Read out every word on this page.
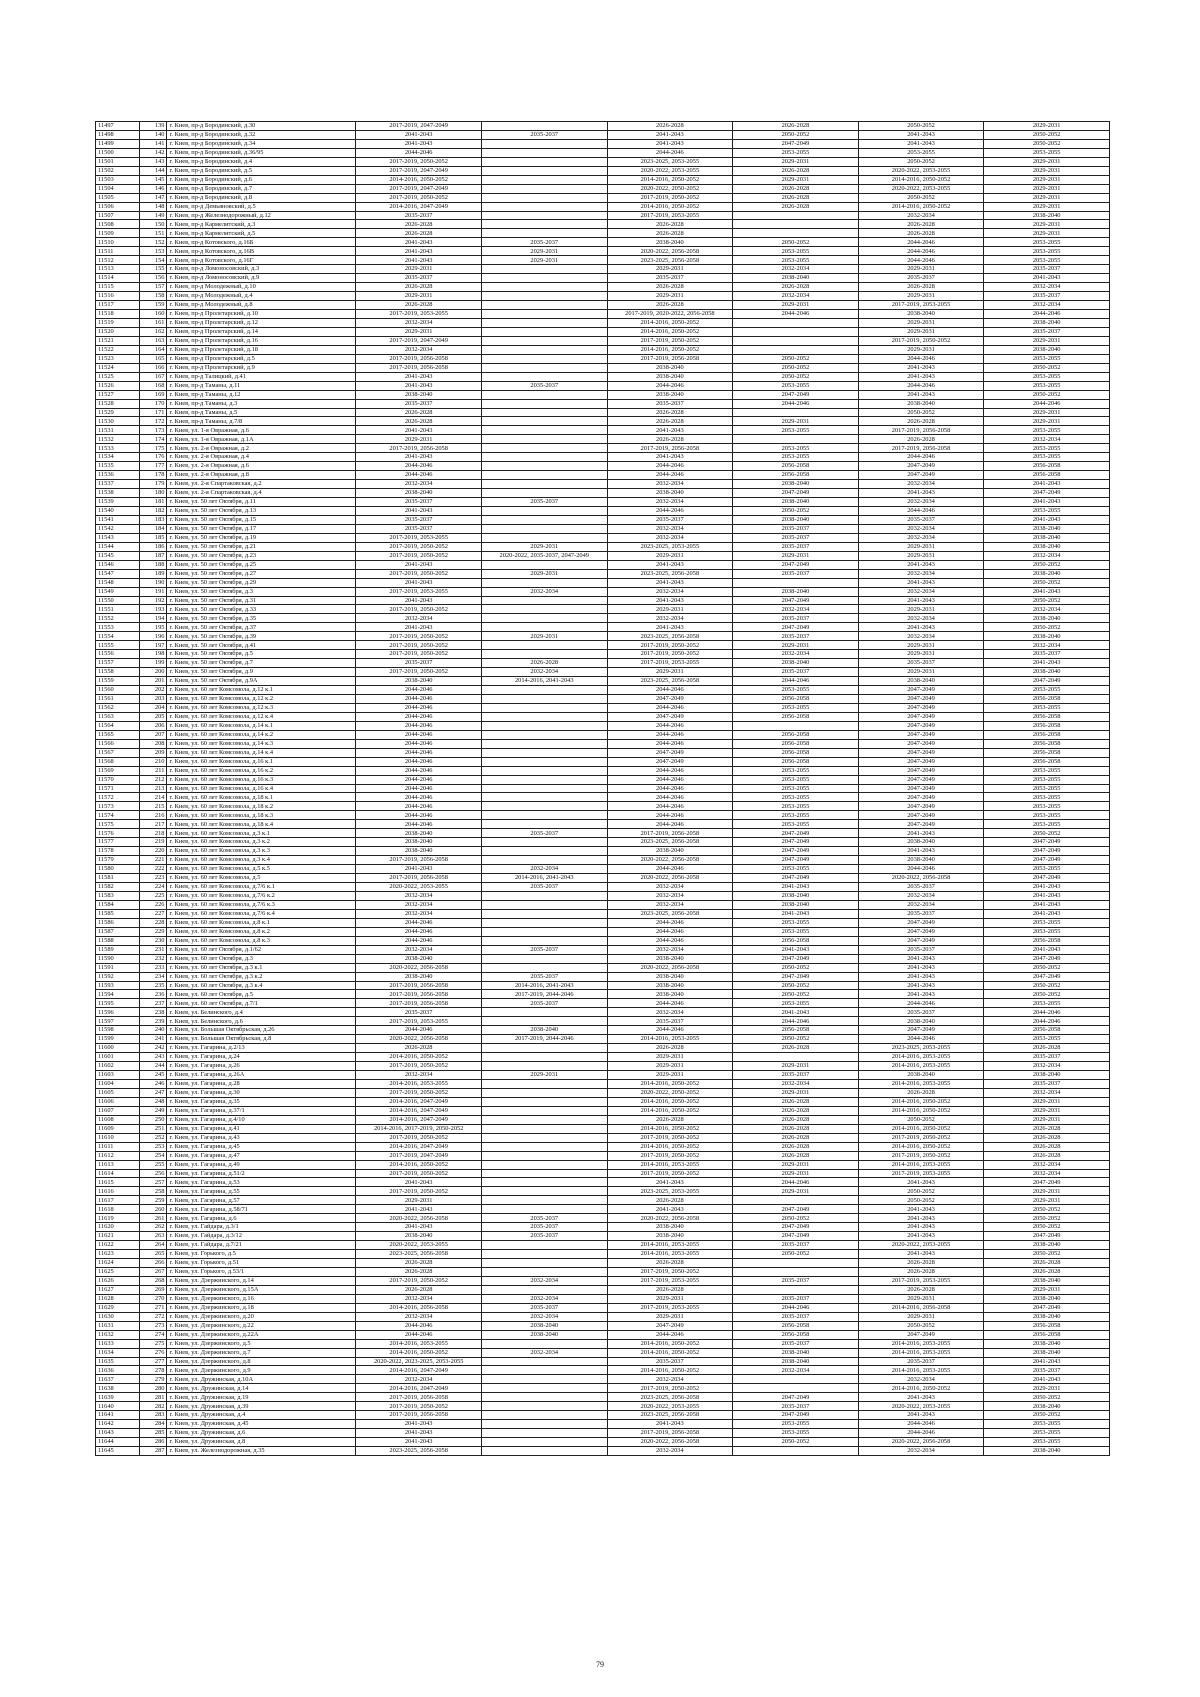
11497	139	г. Киев, пр-д Бородинский, д.30	2017-2019, 2047-2049		2026-2028	2026-2028	2050-2052	2029-2031
11498	140	г. Киев, пр-д Бородинский, д.32	2041-2043	2035-2037	2041-2043	2050-2052	2041-2043	2050-2052
11499	141	г. Киев, пр-д Бородинский, д.34	2041-2043		2041-2043	2047-2049	2041-2043	2050-2052
11500	142	г. Киев, пр-д Бородинский, д.36/95	2044-2046		2044-2046	2053-2055	2053-2055	2053-2055
11501	143	г. Киев, пр-д Бородинский, д.4	2017-2019, 2050-2052		2023-2025, 2053-2055	2029-2031	2050-2052	2029-2031
11502	144	г. Киев, пр-д Бородинский, д.5	2017-2019, 2047-2049		2020-2022, 2053-2055	2026-2028	2020-2022, 2053-2055	2029-2031
11503	145	г. Киев, пр-д Бородинский, д.6	2014-2016, 2050-2052		2014-2016, 2050-2052	2029-2031	2014-2016, 2050-2052	2029-2031
11504	146	г. Киев, пр-д Бородинский, д.7	2017-2019, 2047-2049		2020-2022, 2050-2052	2026-2028	2020-2022, 2053-2055	2029-2031
11505	147	г. Киев, пр-д Бородинский, д.8	2017-2019, 2050-2052		2017-2019, 2050-2052	2026-2028	2050-2052	2029-2031
11506	148	г. Киев, пр-д Демьяновский, д.5	2014-2016, 2047-2049		2014-2016, 2050-2052	2026-2028	2014-2016, 2050-2052	2029-2031
11507	149	г. Киев, пр-д Железнодорожный, д.12	2035-2037		2017-2019, 2053-2055		2032-2034	2038-2040
11508	150	г. Киев, пр-д Кармелитский, д.3	2026-2028		2026-2028		2026-2028	2029-2031
11509	151	г. Киев, пр-д Кармелитский, д.5	2026-2028		2026-2028		2026-2028	2029-2031
11510	152	г. Киев, пр-д Котовского, д.16Б	2041-2043	2035-2037	2038-2040	2050-2052	2044-2046	2053-2055
11511	153	г. Киев, пр-д Котовского, д.16В	2041-2043	2029-2031	2020-2022, 2056-2058	2053-2055	2044-2046	2053-2055
11512	154	г. Киев, пр-д Котовского, д.16Г	2041-2043	2029-2031	2023-2025, 2056-2058	2053-2055	2044-2046	2053-2055
11513	155	г. Киев, пр-д Ломоносовский, д.3	2029-2031		2029-2031	2032-2034	2029-2031	2035-2037
11514	156	г. Киев, пр-д Ломоносовский, д.9	2035-2037		2035-2037	2038-2040	2035-2037	2041-2043
11515	157	г. Киев, пр-д Молодежный, д.10	2026-2028		2026-2028	2026-2028	2026-2028	2032-2034
11516	158	г. Киев, пр-д Молодежный, д.4	2029-2031		2029-2031	2032-2034	2029-2031	2035-2037
11517	159	г. Киев, пр-д Молодежный, д.8	2026-2028		2026-2028	2029-2031	2017-2019, 2053-2055	2032-2034
11518	160	г. Киев, пр-д Пролетарский, д.10	2017-2019, 2053-2055		2017-2019, 2020-2022, 2056-2058	2044-2046	2038-2040	2044-2046
11519	161	г. Киев, пр-д Пролетарский, д.12	2032-2034		2014-2016, 2050-2052		2029-2031	2038-2040
11520	162	г. Киев, пр-д Пролетарский, д.14	2029-2031		2014-2016, 2050-2052		2029-2031	2035-2037
11521	163	г. Киев, пр-д Пролетарский, д.16	2017-2019, 2047-2049		2017-2019, 2050-2052		2017-2019, 2050-2052	2029-2031
11522	164	г. Киев, пр-д Пролетарский, д.18	2032-2034		2014-2016, 2050-2052		2029-2031	2038-2040
11523	165	г. Киев, пр-д Пролетарский, д.5	2017-2019, 2056-2058		2017-2019, 2056-2058	2050-2052	2044-2046	2053-2055
11524	166	г. Киев, пр-д Пролетарский, д.9	2017-2019, 2056-2058		2038-2040	2050-2052	2041-2043	2050-2052
11525	167	г. Киев, пр-д Талицкий, д.41	2041-2043		2038-2040	2050-2052	2041-2043	2053-2055
11526	168	г. Киев, пр-д Таманы, д.11	2041-2043	2035-2037	2044-2046	2053-2055	2044-2046	2053-2055
11527	169	г. Киев, пр-д Таманы, д.12	2038-2040		2038-2040	2047-2049	2041-2043	2050-2052
11528	170	г. Киев, пр-д Таманы, д.3	2035-2037		2035-2037	2044-2046	2038-2040	2044-2046
11529	171	г. Киев, пр-д Таманы, д.5	2026-2028		2026-2028		2050-2052	2029-2031
11530	172	г. Киев, пр-д Таманы, д.7/8	2026-2028		2026-2028	2029-2031	2026-2028	2029-2031
11531	173	г. Киев, ул. 1-я Овражная, д.6	2041-2043		2041-2043	2053-2055	2017-2019, 2056-2058	2053-2055
11532	174	г. Киев, ул. 1-я Овражная, д.1А	2029-2031		2026-2028		2026-2028	2032-2034
11533	175	г. Киев, ул. 2-я Овражная, д.2	2017-2019, 2056-2058		2017-2019, 2056-2058	2053-2055	2017-2019, 2056-2058	2053-2055
11534	176	г. Киев, ул. 2-я Овражная, д.4	2041-2043		2041-2043	2053-2055	2044-2046	2053-2055
11535	177	г. Киев, ул. 2-я Овражная, д.6	2044-2046		2044-2046	2056-2058	2047-2049	2056-2058
11536	178	г. Киев, ул. 2-я Овражная, д.8	2044-2046		2044-2046	2056-2058	2047-2049	2056-2058
11537	179	г. Киев, ул. 2-я Спартаковская, д.2	2032-2034		2032-2034	2038-2040	2032-2034	2041-2043
11538	180	г. Киев, ул. 2-я Спартаковская, д.4	2038-2040		2038-2040	2047-2049	2041-2043	2047-2049
11539	181	г. Киев, ул. 50 лет Октября, д.11	2035-2037	2035-2037	2032-2034	2038-2040	2032-2034	2041-2043
11540	182	г. Киев, ул. 50 лет Октября, д.13	2041-2043		2044-2046	2050-2052	2044-2046	2053-2055
11541	183	г. Киев, ул. 50 лет Октября, д.15	2035-2037		2035-2037	2038-2040	2035-2037	2041-2043
11542	184	г. Киев, ул. 50 лет Октября, д.17	2035-2037		2032-2034	2035-2037	2032-2034	2038-2040
11543	185	г. Киев, ул. 50 лет Октября, д.19	2017-2019, 2053-2055		2032-2034	2035-2037	2032-2034	2038-2040
11544	186	г. Киев, ул. 50 лет Октября, д.21	2017-2019, 2050-2052	2029-2031	2023-2025, 2053-2055	2035-2037	2029-2031	2038-2040
11545	187	г. Киев, ул. 50 лет Октября, д.23	2017-2019, 2050-2052	2020-2022, 2035-2037, 2047-2049	2029-2031	2029-2031	2029-2031	2032-2034
11546	188	г. Киев, ул. 50 лет Октября, д.25	2041-2043		2041-2043	2047-2049	2041-2043	2050-2052
11547	189	г. Киев, ул. 50 лет Октября, д.27	2017-2019, 2050-2052	2029-2031	2023-2025, 2056-2058	2035-2037	2032-2034	2038-2040
11548	190	г. Киев, ул. 50 лет Октября, д.29	2041-2043		2041-2043		2041-2043	2050-2052
11549	191	г. Киев, ул. 50 лет Октября, д.3	2017-2019, 2053-2055	2032-2034	2032-2034	2038-2040	2032-2034	2041-2043
11550	192	г. Киев, ул. 50 лет Октября, д.31	2041-2043		2041-2043	2047-2049	2041-2043	2050-2052
11551	193	г. Киев, ул. 50 лет Октября, д.33	2017-2019, 2050-2052		2029-2031	2032-2034	2029-2031	2032-2034
11552	194	г. Киев, ул. 50 лет Октября, д.35	2032-2034		2032-2034	2035-2037	2032-2034	2038-2040
11553	195	г. Киев, ул. 50 лет Октября, д.37	2041-2043		2041-2043	2047-2049	2041-2043	2050-2052
11554	196	г. Киев, ул. 50 лет Октября, д.39	2017-2019, 2050-2052	2029-2031	2023-2025, 2056-2058	2035-2037	2032-2034	2038-2040
11555	197	г. Киев, ул. 50 лет Октября, д.41	2017-2019, 2050-2052		2017-2019, 2050-2052	2029-2031	2029-2031	2032-2034
11556	198	г. Киев, ул. 50 лет Октября, д.5	2017-2019, 2050-2052		2017-2019, 2050-2052	2032-2034	2029-2031	2035-2037
11557	199	г. Киев, ул. 50 лет Октября, д.7	2035-2037	2026-2028	2017-2019, 2053-2055	2038-2040	2035-2037	2041-2043
11558	200	г. Киев, ул. 50 лет Октября, д.9	2017-2019, 2050-2052	2032-2034	2029-2031	2035-2037	2029-2031	2038-2040
11559	201	г. Киев, ул. 50 лет Октября, д.9А	2038-2040	2014-2016, 2041-2043	2023-2025, 2056-2058	2044-2046	2038-2040	2047-2049
11560	202	г. Киев, ул. 60 лет Комсомола, д.12 к.1	2044-2046		2044-2046	2053-2055	2047-2049	2053-2055
11561	203	г. Киев, ул. 60 лет Комсомола, д.12 к.2	2044-2046		2047-2049	2056-2058	2047-2049	2056-2058
11562	204	г. Киев, ул. 60 лет Комсомола, д.12 к.3	2044-2046		2044-2046	2053-2055	2047-2049	2053-2055
11563	205	г. Киев, ул. 60 лет Комсомола, д.12 к.4	2044-2046		2047-2049	2056-2058	2047-2049	2056-2058
11564	206	г. Киев, ул. 60 лет Комсомола, д.14 к.1	2044-2046		2044-2046		2047-2049	2056-2058
11565	207	г. Киев, ул. 60 лет Комсомола, д.14 к.2	2044-2046		2044-2046	2056-2058	2047-2049	2056-2058
11566	208	г. Киев, ул. 60 лет Комсомола, д.14 к.3	2044-2046		2044-2046	2056-2058	2047-2049	2056-2058
11567	209	г. Киев, ул. 60 лет Комсомола, д.14 к.4	2044-2046		2047-2049	2056-2058	2047-2049	2056-2058
11568	210	г. Киев, ул. 60 лет Комсомола, д.16 к.1	2044-2046		2047-2049	2056-2058	2047-2049	2056-2058
11569	211	г. Киев, ул. 60 лет Комсомола, д.16 к.2	2044-2046		2044-2046	2053-2055	2047-2049	2053-2055
11570	212	г. Киев, ул. 60 лет Комсомола, д.16 к.3	2044-2046		2044-2046	2053-2055	2047-2049	2053-2055
11571	213	г. Киев, ул. 60 лет Комсомола, д.16 к.4	2044-2046		2044-2046	2053-2055	2047-2049	2053-2055
11572	214	г. Киев, ул. 60 лет Комсомола, д.18 к.1	2044-2046		2044-2046	2053-2055	2047-2049	2053-2055
11573	215	г. Киев, ул. 60 лет Комсомола, д.18 к.2	2044-2046		2044-2046	2053-2055	2047-2049	2053-2055
11574	216	г. Киев, ул. 60 лет Комсомола, д.18 к.3	2044-2046		2044-2046	2053-2055	2047-2049	2053-2055
11575	217	г. Киев, ул. 60 лет Комсомола, д.18 к.4	2044-2046		2044-2046	2053-2055	2047-2049	2053-2055
11576	218	г. Киев, ул. 60 лет Комсомола, д.3 к.1	2038-2040	2035-2037	2017-2019, 2056-2058	2047-2049	2041-2043	2050-2052
11577	219	г. Киев, ул. 60 лет Комсомола, д.3 к.2	2038-2040		2023-2025, 2056-2058	2047-2049	2038-2040	2047-2049
11578	220	г. Киев, ул. 60 лет Комсомола, д.3 к.3	2038-2040		2038-2040	2047-2049	2041-2043	2047-2049
11579	221	г. Киев, ул. 60 лет Комсомола, д.3 к.4	2017-2019, 2056-2058		2020-2022, 2056-2058	2047-2049	2038-2040	2047-2049
11580	222	г. Киев, ул. 60 лет Комсомола, д.5 к.5	2041-2043	2032-2034	2044-2046	2053-2055	2044-2046	2053-2055
11581	223	г. Киев, ул. 60 лет Комсомола, д.5	2017-2019, 2056-2058	2014-2016, 2041-2043	2020-2022, 2056-2058	2047-2049	2020-2022, 2056-2058	2047-2049
11582	224	г. Киев, ул. 60 лет Комсомола, д.7/6 к.1	2020-2022, 2053-2055	2035-2037	2032-2034	2041-2043	2035-2037	2041-2043
11583	225	г. Киев, ул. 60 лет Комсомола, д.7/6 к.2	2032-2034		2032-2034	2038-2040	2032-2034	2041-2043
11584	226	г. Киев, ул. 60 лет Комсомола, д.7/6 к.3	2032-2034		2032-2034	2038-2040	2032-2034	2041-2043
11585	227	г. Киев, ул. 60 лет Комсомола, д.7/6 к.4	2032-2034		2023-2025, 2056-2058	2041-2043	2035-2037	2041-2043
11586	228	г. Киев, ул. 60 лет Комсомола, д.8 к.1	2044-2046		2044-2046	2053-2055	2047-2049	2053-2055
11587	229	г. Киев, ул. 60 лет Комсомола, д.8 к.2	2044-2046		2044-2046	2053-2055	2047-2049	2053-2055
11588	230	г. Киев, ул. 60 лет Комсомола, д.8 к.3	2044-2046		2044-2046	2056-2058	2047-2049	2056-2058
11589	231	г. Киев, ул. 60 лет Октября, д.1/62	2032-2034	2035-2037	2032-2034	2041-2043	2035-2037	2041-2043
11590	232	г. Киев, ул. 60 лет Октября, д.3	2038-2040		2038-2040	2047-2049	2041-2043	2047-2049
11591	233	г. Киев, ул. 60 лет Октября, д.3 к.1	2020-2022, 2056-2058		2020-2022, 2056-2058	2050-2052	2041-2043	2050-2052
11592	234	г. Киев, ул. 60 лет Октября, д.3 к.2	2038-2040	2035-2037	2038-2040	2047-2049	2041-2043	2047-2049
11593	235	г. Киев, ул. 60 лет Октября, д.3 к.4	2017-2019, 2056-2058	2014-2016, 2041-2043	2038-2040	2050-2052	2041-2043	2050-2052
11594	236	г. Киев, ул. 60 лет Октября, д.5	2017-2019, 2056-2058	2017-2019, 2044-2046	2038-2040	2050-2052	2041-2043	2050-2052
11595	237	г. Киев, ул. 60 лет Октября, д.7/1	2017-2019, 2056-2058	2035-2037	2044-2046	2053-2055	2044-2046	2053-2055
11596	238	г. Киев, ул. Белинского, д.4	2035-2037		2032-2034	2041-2043	2035-2037	2044-2046
11597	239	г. Киев, ул. Белинского, д.6	2017-2019, 2053-2055		2035-2037	2044-2046	2038-2040	2044-2046
11598	240	г. Киев, ул. Большая Октябрьская, д.26	2044-2046	2038-2040	2044-2046	2056-2058	2047-2049	2056-2058
11599	241	г. Киев, ул. Большая Октябрьская, д.8	2020-2022, 2056-2058	2017-2019, 2044-2046	2014-2016, 2053-2055	2050-2052	2044-2046	2053-2055
11600	242	г. Киев, ул. Гагарина, д.2/13	2026-2028		2026-2028	2026-2028	2023-2025, 2053-2055	2026-2028
11601	243	г. Киев, ул. Гагарина, д.24	2014-2016, 2050-2052		2029-2031		2014-2016, 2053-2055	2035-2037
11602	244	г. Киев, ул. Гагарина, д.26	2017-2019, 2050-2052		2029-2031	2029-2031	2014-2016, 2053-2055	2032-2034
11603	245	г. Киев, ул. Гагарина, д.26А	2032-2034	2029-2031	2029-2031	2035-2037	2038-2040	2038-2040
11604	246	г. Киев, ул. Гагарина, д.28	2014-2016, 2053-2055		2014-2016, 2050-2052	2032-2034	2014-2016, 2053-2055	2035-2037
11605	247	г. Киев, ул. Гагарина, д.30	2017-2019, 2050-2052		2020-2022, 2050-2052	2029-2031	2026-2028	2032-2034
11606	248	г. Киев, ул. Гагарина, д.35	2014-2016, 2047-2049		2014-2016, 2050-2052	2026-2028	2014-2016, 2050-2052	2029-2031
11607	249	г. Киев, ул. Гагарина, д.37/1	2014-2016, 2047-2049		2014-2016, 2050-2052	2026-2028	2014-2016, 2050-2052	2029-2031
11608	250	г. Киев, ул. Гагарина, д.4/10	2014-2016, 2047-2049		2026-2028	2026-2028	2050-2052	2029-2031
11609	251	г. Киев, ул. Гагарина, д.41	2014-2016, 2017-2019, 2050-2052		2014-2016, 2050-2052	2026-2028	2014-2016, 2050-2052	2026-2028
11610	252	г. Киев, ул. Гагарина, д.43	2017-2019, 2050-2052		2017-2019, 2050-2052	2026-2028	2017-2019, 2050-2052	2026-2028
11611	253	г. Киев, ул. Гагарина, д.45	2014-2016, 2047-2049		2014-2016, 2050-2052	2026-2028	2014-2016, 2050-2052	2026-2028
11612	254	г. Киев, ул. Гагарина, д.47	2017-2019, 2047-2049		2017-2019, 2050-2052	2026-2028	2017-2019, 2050-2052	2026-2028
11613	255	г. Киев, ул. Гагарина, д.49	2014-2016, 2050-2052		2014-2016, 2053-2055	2029-2031	2014-2016, 2053-2055	2032-2034
11614	256	г. Киев, ул. Гагарина, д.51/2	2017-2019, 2050-2052		2017-2019, 2050-2052	2029-2031	2017-2019, 2053-2055	2032-2034
11615	257	г. Киев, ул. Гагарина, д.53	2041-2043		2041-2043	2044-2046	2041-2043	2047-2049
11616	258	г. Киев, ул. Гагарина, д.55	2017-2019, 2050-2052		2023-2025, 2053-2055	2029-2031	2050-2052	2029-2031
11617	259	г. Киев, ул. Гагарина, д.57	2029-2031		2026-2028		2050-2052	2029-2031
11618	260	г. Киев, ул. Гагарина, д.58/71	2041-2043		2041-2043	2047-2049	2041-2043	2050-2052
11619	261	г. Киев, ул. Гагарина, д.6	2020-2022, 2056-2058	2035-2037	2020-2022, 2056-2058	2050-2052	2041-2043	2050-2052
11620	262	г. Киев, ул. Гайдара, д.3/1	2041-2043	2035-2037	2038-2040	2047-2049	2041-2043	2050-2052
11621	263	г. Киев, ул. Гайдара, д.3/12	2038-2040	2035-2037	2038-2040	2047-2049	2041-2043	2047-2049
11622	264	г. Киев, ул. Гайдара, д.7/21	2020-2022, 2053-2055		2014-2016, 2053-2055	2035-2037	2020-2022, 2053-2055	2038-2040
11623	265	г. Киев, ул. Горького, д.5	2023-2025, 2056-2058		2014-2016, 2053-2055	2050-2052	2041-2043	2050-2052
11624	266	г. Киев, ул. Горького, д.51	2026-2028		2026-2028		2026-2028	2026-2028
11625	267	г. Киев, ул. Горького, д.53/1	2026-2028		2017-2019, 2050-2052		2026-2028	2026-2028
11626	268	г. Киев, ул. Дзержинского, д.14	2017-2019, 2050-2052	2032-2034	2017-2019, 2053-2055	2035-2037	2017-2019, 2053-2055	2038-2040
11627	269	г. Киев, ул. Дзержинского, д.15А	2026-2028		2026-2028		2026-2028	2029-2031
11628	270	г. Киев, ул. Дзержинского, д.16	2032-2034	2032-2034	2029-2031	2035-2037	2029-2031	2038-2040
11629	271	г. Киев, ул. Дзержинского, д.18	2014-2016, 2056-2058	2035-2037	2017-2019, 2053-2055	2044-2046	2014-2016, 2056-2058	2047-2049
11630	272	г. Киев, ул. Дзержинского, д.20	2032-2034	2032-2034	2029-2031	2035-2037	2029-2031	2038-2040
11631	273	г. Киев, ул. Дзержинского, д.22	2044-2046	2038-2040	2047-2049	2056-2058	2050-2052	2056-2058
11632	274	г. Киев, ул. Дзержинского, д.22А	2044-2046	2038-2040	2044-2046	2056-2058	2047-2049	2056-2058
11633	275	г. Киев, ул. Дзержинского, д.5	2014-2016, 2053-2055		2014-2016, 2050-2052	2035-2037	2014-2016, 2053-2055	2038-2040
11634	276	г. Киев, ул. Дзержинского, д.7	2014-2016, 2050-2052	2032-2034	2014-2016, 2050-2052	2038-2040	2014-2016, 2053-2055	2038-2040
11635	277	г. Киев, ул. Дзержинского, д.8	2020-2022, 2023-2025, 2053-2055		2035-2037	2038-2040	2035-2037	2041-2043
11636	278	г. Киев, ул. Дзержинского, д.9	2014-2016, 2047-2049		2014-2016, 2050-2052	2032-2034	2014-2016, 2053-2055	2035-2037
11637	279	г. Киев, ул. Дружинская, д.10А	2032-2034		2032-2034		2032-2034	2041-2043
11638	280	г. Киев, ул. Дружинская, д.14	2014-2016, 2047-2049		2017-2019, 2050-2052		2014-2016, 2050-2052	2029-2031
11639	281	г. Киев, ул. Дружинская, д.19	2017-2019, 2056-2058		2023-2025, 2056-2058	2047-2049	2041-2043	2050-2052
11640	282	г. Киев, ул. Дружинская, д.39	2017-2019, 2050-2052		2020-2022, 2053-2055	2035-2037	2020-2022, 2053-2055	2038-2040
11641	283	г. Киев, ул. Дружинская, д.4	2017-2019, 2056-2058		2023-2025, 2056-2058	2047-2049	2041-2043	2050-2052
11642	284	г. Киев, ул. Дружинская, д.45	2041-2043		2041-2043	2053-2055	2044-2046	2053-2055
11643	285	г. Киев, ул. Дружинская, д.6	2041-2043		2017-2019, 2056-2058	2053-2055	2044-2046	2053-2055
11644	286	г. Киев, ул. Дружинская, д.8	2041-2043		2020-2022, 2056-2058	2050-2052	2020-2022, 2056-2058	2053-2055
11645	287	г. Киев, ул. Железнодорожная, д.35	2023-2025, 2056-2058		2032-2034		2032-2034	2038-2040
79
